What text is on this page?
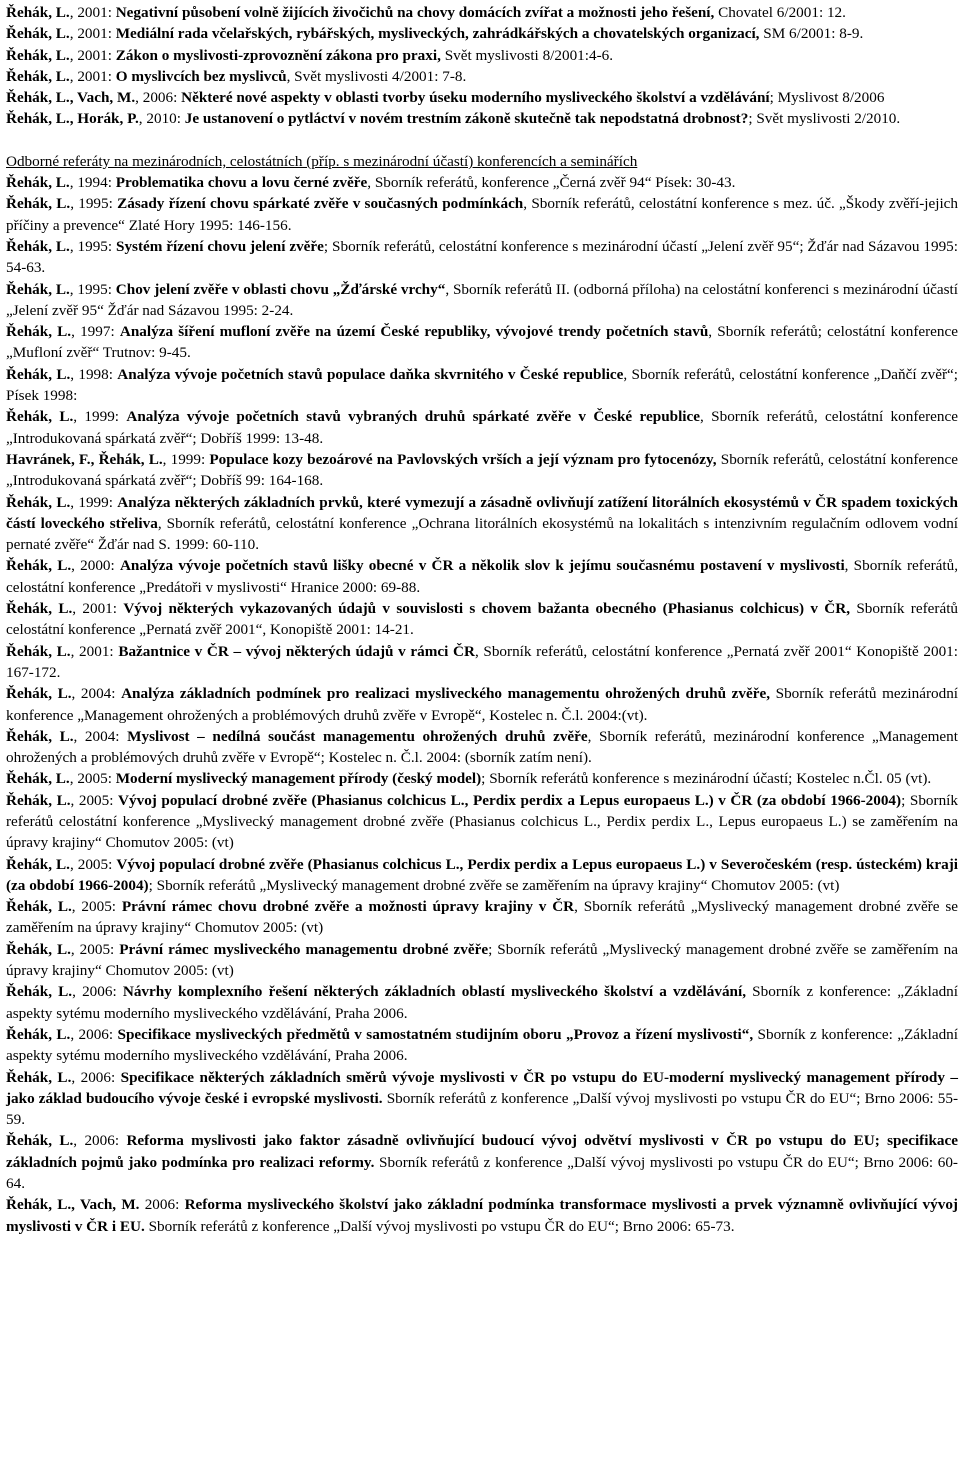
Řehák, L., 2001: Negativní působení volně žijících živočichů na chovy domácích zvířat a možnosti jeho řešení, Chovatel 6/2001: 12.
Řehák, L., 2001: Mediální rada včelařských, rybářských, mysliveckých, zahrádkářských a chovatelských organizací, SM 6/2001: 8-9.
Řehák, L., 2001: Zákon o myslivosti-zprovoznění zákona pro praxi, Svět myslivosti 8/2001:4-6.
Řehák, L., 2001: O myslivcích bez myslivců, Svět myslivosti 4/2001: 7-8.
Řehák, L., Vach, M., 2006: Některé nové aspekty v oblasti tvorby úseku moderního mysliveckého školství a vzdělávání; Myslivost 8/2006
Řehák, L., Horák, P., 2010: Je ustanovení o pytláctví v novém trestním zákoně skutečně tak nepodstatná drobnost?; Svět myslivosti 2/2010.
Odborné referáty na mezinárodních, celostátních (příp. s mezinárodní účastí) konferencích a seminářích
Řehák, L., 1994: Problematika chovu a lovu černé zvěře, Sborník referátů, konference „Černá zvěř 94“ Písek: 30-43.
Řehák, L., 1995: Zásady řízení chovu spárkaté zvěře v současných podmínkách, Sborník referátů, celostátní konference s mez. úč. „Škody zvěří-jejich příčiny a prevence“ Zlaté Hory 1995: 146-156.
Řehák, L., 1995: Systém řízení chovu jelení zvěře; Sborník referátů, celostátní konference s mezinárodní účastí „Jelení zvěř 95“; Žďár nad Sázavou 1995: 54-63.
Řehák, L., 1995: Chov jelení zvěře v oblasti chovu „Žďárské vrchy“, Sborník referátů II. (odborná příloha) na celostátní konferenci s mezinárodní účastí „Jelení zvěř 95“ Žďár nad Sázavou 1995: 2-24.
Řehák, L., 1997: Analýza šíření mufloní zvěře na území České republiky, vývojové trendy početních stavů, Sborník referátů; celostátní konference „Mufloní zvěř“ Trutnov: 9-45.
Řehák, L., 1998: Analýza vývoje početních stavů populace daňka skvrnitého v České republice, Sborník referátů, celostátní konference „Daňčí zvěř“; Písek 1998:
Řehák, L., 1999: Analýza vývoje početních stavů vybraných druhů spárkaté zvěře v České republice, Sborník referátů, celostátní konference „Introdukovaná spárkatá zvěř“; Dobříš 1999: 13-48.
Havránek, F., Řehák, L., 1999: Populace kozy bezoárové na Pavlovských vrších a její význam pro fytocenózy, Sborník referátů, celostátní konference „Introdukovaná spárkatá zvěř“; Dobříš 99: 164-168.
Řehák, L., 1999: Analýza některých základních prvků, které vymezují a zásadně ovlivňují zatížení litorálních ekosystémů v ČR spadem toxických částí loveckého střeliva, Sborník referátů, celostátní konference „Ochrana litorálních ekosystémů na lokalitách s intenzivním regulačním odlovem vodní pernaté zvěře“ Žďár nad S. 1999: 60-110.
Řehák, L., 2000: Analýza vývoje početních stavů lišky obecné v ČR a několik slov k jejímu současnému postavení v myslivosti, Sborník referátů, celostátní konference „Predátoři v myslivosti“ Hranice 2000: 69-88.
Řehák, L., 2001: Vývoj některých vykazovaných údajů v souvislosti s chovem bažanta obecného (Phasianus colchicus) v ČR, Sborník referátů celostátní konference „Pernatá zvěř 2001“, Konopiště 2001: 14-21.
Řehák, L., 2001: Bažantnice v ČR – vývoj některých údajů v rámci ČR, Sborník referátů, celostátní konference „Pernatá zvěř 2001“ Konopiště 2001: 167-172.
Řehák, L., 2004: Analýza základních podmínek pro realizaci mysliveckého managementu ohrožených druhů zvěře, Sborník referátů mezinárodní konference „Management ohrožených a problémových druhů zvěře v Evropě“, Kostelec n. Č.l. 2004:(vt).
Řehák, L., 2004: Myslivost – nedílná součást managementu ohrožených druhů zvěře, Sborník referátů, mezinárodní konference „Management ohrožených a problémových druhů zvěře v Evropě“; Kostelec n. Č.l. 2004: (sborník zatím není).
Řehák, L., 2005: Moderní myslivecký management přírody (český model); Sborník referátů konference s mezinárodní účastí; Kostelec n.Čl. 05 (vt).
Řehák, L., 2005: Vývoj populací drobné zvěře (Phasianus colchicus L., Perdix perdix a Lepus europaeus L.) v ČR (za období 1966-2004); Sborník referátů celostátní konference „Myslivecký management drobné zvěře (Phasianus colchicus L., Perdix perdix L., Lepus europaeus L.) se zaměřením na úpravy krajiny“ Chomutov 2005: (vt)
Řehák, L., 2005: Vývoj populací drobné zvěře (Phasianus colchicus L., Perdix perdix a Lepus europaeus L.) v Severočeském (resp. ústeckém) kraji (za období 1966-2004); Sborník referátů „Myslivecký management drobné zvěře se zaměřením na úpravy krajiny“ Chomutov 2005: (vt)
Řehák, L., 2005: Právní rámec chovu drobné zvěře a možnosti úpravy krajiny v ČR, Sborník referátů „Myslivecký management drobné zvěře se zaměřením na úpravy krajiny“ Chomutov 2005: (vt)
Řehák, L., 2005: Právní rámec mysliveckého managementu drobné zvěře; Sborník referátů „Myslivecký management drobné zvěře se zaměřením na úpravy krajiny“ Chomutov 2005: (vt)
Řehák, L., 2006: Návrhy komplexního řešení některých základních oblastí mysliveckého školství a vzdělávání, Sborník z konference: „Základní aspekty sytému moderního mysliveckého vzdělávání, Praha 2006.
Řehák, L., 2006: Specifikace mysliveckých předmětů v samostatném studijním oboru „Provoz a řízení myslivosti“, Sborník z konference: „Základní aspekty sytému moderního mysliveckého vzdělávání, Praha 2006.
Řehák, L., 2006: Specifikace některých základních směrů vývoje myslivosti v ČR po vstupu do EU-moderní myslivecký management přírody – jako základ budoucího vývoje české i evropské myslivosti. Sborník referátů z konference „Další vývoj myslivosti po vstupu ČR do EU“; Brno 2006: 55-59.
Řehák, L., 2006: Reforma myslivosti jako faktor zásadně ovlivňující budoucí vývoj odvětví myslivosti v ČR po vstupu do EU; specifikace základních pojmů jako podmínka pro realizaci reformy. Sborník referátů z konference „Další vývoj myslivosti po vstupu ČR do EU“; Brno 2006: 60-64.
Řehák, L., Vach, M. 2006: Reforma mysliveckého školství jako základní podmínka transformace myslivosti a prvek významně ovlivňující vývoj myslivosti v ČR i EU. Sborník referátů z konference „Další vývoj myslivosti po vstupu ČR do EU“; Brno 2006: 65-73.
